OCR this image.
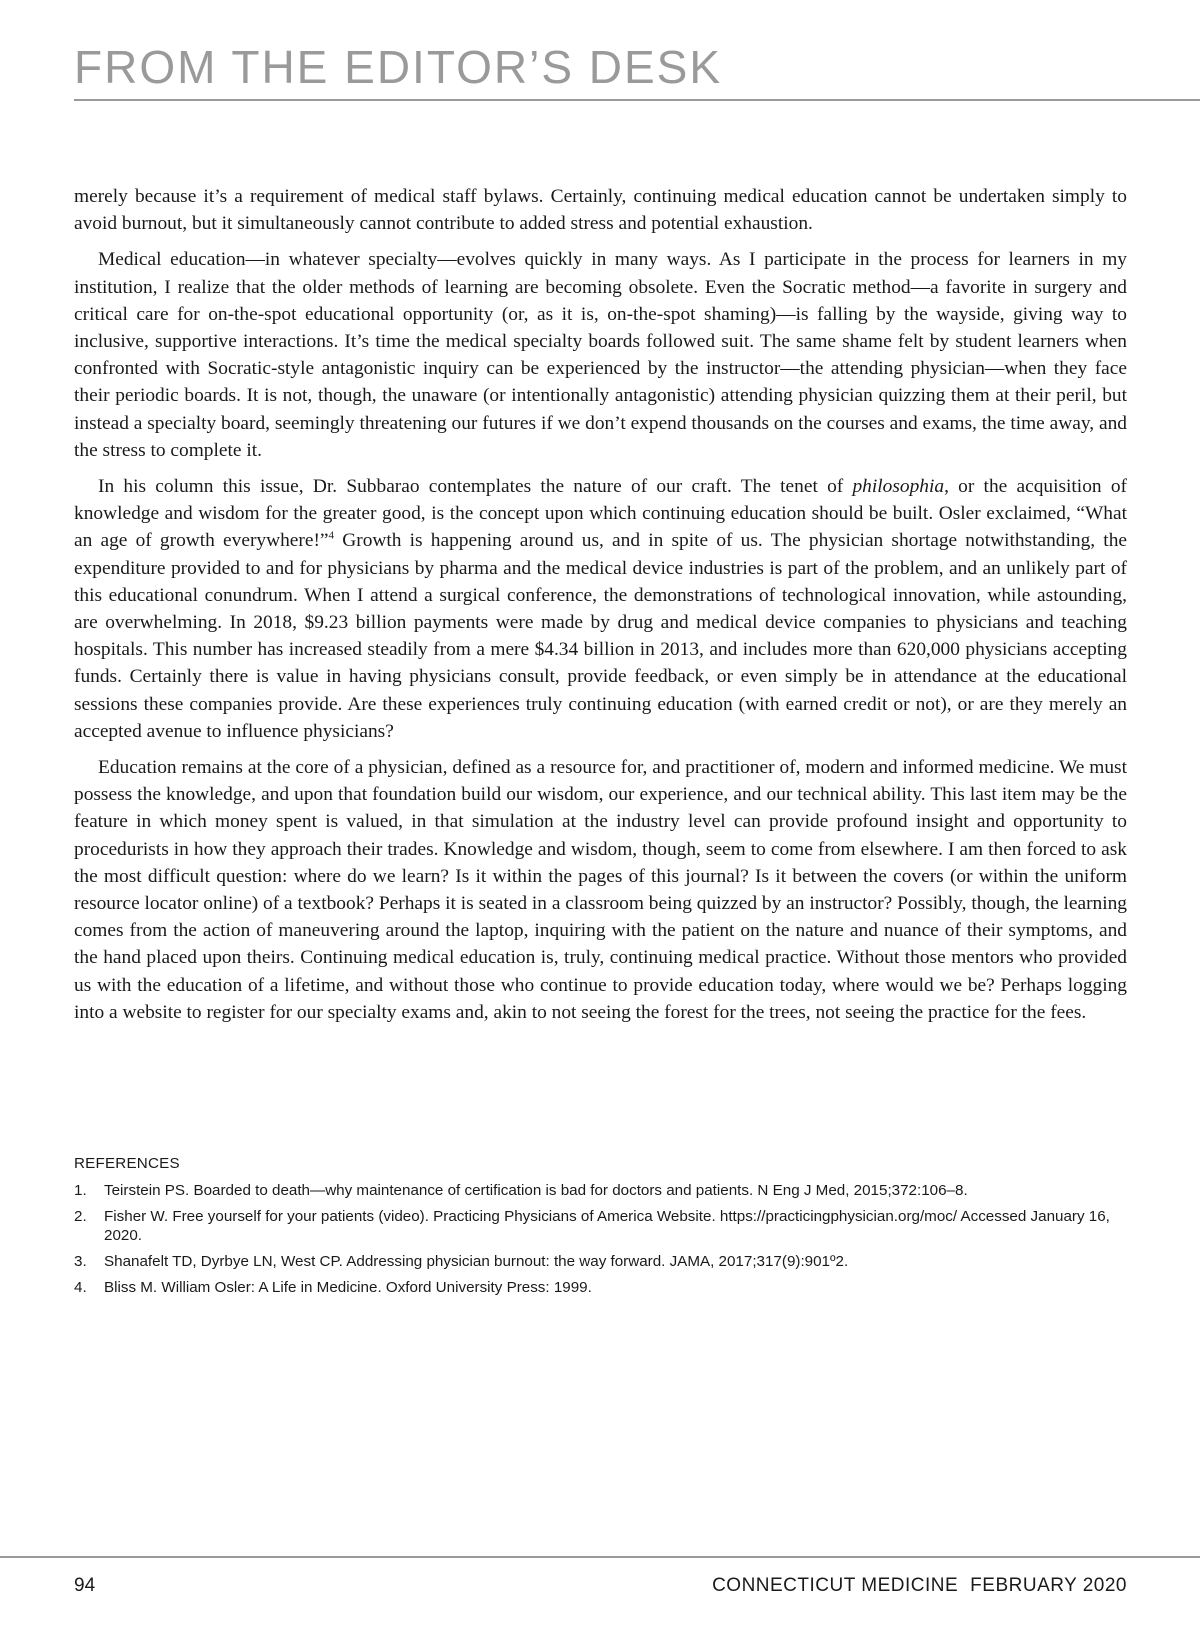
FROM THE EDITOR’S DESK

merely because it’s a requirement of medical staff bylaws. Certainly, continuing medical education cannot be undertaken simply to avoid burnout, but it simultaneously cannot contribute to added stress and potential exhaustion.

Medical education—in whatever specialty—evolves quickly in many ways. As I participate in the process for learners in my institution, I realize that the older methods of learning are becoming obsolete. Even the Socratic method—a favorite in surgery and critical care for on-the-spot educational opportunity (or, as it is, on-the-spot shaming)—is falling by the wayside, giving way to inclusive, supportive interactions. It’s time the medical specialty boards followed suit. The same shame felt by student learners when confronted with Socratic-style antagonistic inquiry can be experienced by the instructor—the attending physician—when they face their periodic boards. It is not, though, the unaware (or intentionally antagonistic) attending physician quizzing them at their peril, but instead a specialty board, seemingly threatening our futures if we don’t expend thousands on the courses and exams, the time away, and the stress to complete it.

In his column this issue, Dr. Subbarao contemplates the nature of our craft. The tenet of philosophia, or the acquisition of knowledge and wisdom for the greater good, is the concept upon which continuing education should be built. Osler exclaimed, “What an age of growth everywhere!”$^4$ Growth is happening around us, and in spite of us. The physician shortage notwithstanding, the expenditure provided to and for physicians by pharma and the medical device industries is part of the problem, and an unlikely part of this educational conundrum. When I attend a surgical conference, the demonstrations of technological innovation, while astounding, are overwhelming. In 2018, $9.23 billion payments were made by drug and medical device companies to physicians and teaching hospitals. This number has increased steadily from a mere $4.34 billion in 2013, and includes more than 620,000 physicians accepting funds. Certainly there is value in having physicians consult, provide feedback, or even simply be in attendance at the educational sessions these companies provide. Are these experiences truly continuing education (with earned credit or not), or are they merely an accepted avenue to influence physicians?

Education remains at the core of a physician, defined as a resource for, and practitioner of, modern and informed medicine. We must possess the knowledge, and upon that foundation build our wisdom, our experience, and our technical ability. This last item may be the feature in which money spent is valued, in that simulation at the industry level can provide profound insight and opportunity to procedurists in how they approach their trades. Knowledge and wisdom, though, seem to come from elsewhere. I am then forced to ask the most difficult question: where do we learn? Is it within the pages of this journal? Is it between the covers (or within the uniform resource locator online) of a textbook? Perhaps it is seated in a classroom being quizzed by an instructor? Possibly, though, the learning comes from the action of maneuvering around the laptop, inquiring with the patient on the nature and nuance of their symptoms, and the hand placed upon theirs. Continuing medical education is, truly, continuing medical practice. Without those mentors who provided us with the education of a lifetime, and without those who continue to provide education today, where would we be? Perhaps logging into a website to register for our specialty exams and, akin to not seeing the forest for the trees, not seeing the practice for the fees.

REFERENCES
1.	Teirstein PS. Boarded to death—why maintenance of certification is bad for doctors and patients. N Eng J Med, 2015;372:106–8.
2.	Fisher W. Free yourself for your patients (video). Practicing Physicians of America Website. https://practicingphysician.org/moc/ Accessed January 16, 2020.
3.	Shanafelt TD, Dyrbye LN, West CP. Addressing physician burnout: the way forward. JAMA, 2017;317(9):901º2.
4.	Bliss M. William Osler: A Life in Medicine. Oxford University Press: 1999.
94	CONNECTICUT MEDICINE FEBRUARY 2020
